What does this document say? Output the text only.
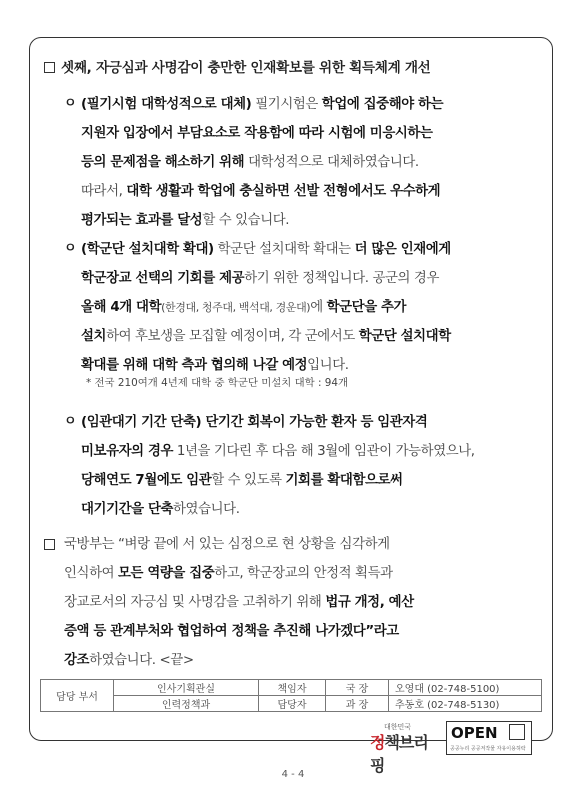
셋째, 자긍심과 사명감이 충만한 인재확보를 위한 획득체계 개선
ㅇ (필기시험 대학성적으로 대체) 필기시험은 학업에 집중해야 하는
지원자 입장에서 부담요소로 작용함에 따라 시험에 미응시하는
등의 문제점을 해소하기 위해 대학성적으로 대체하였습니다.
따라서, 대학 생활과 학업에 충실하면 선발 전형에서도 우수하게
평가되는 효과를 달성할 수 있습니다.
ㅇ (학군단 설치대학 확대) 학군단 설치대학 확대는 더 많은 인재에게
학군장교 선택의 기회를 제공하기 위한 정책입니다. 공군의 경우
올해 4개 대학(한경대, 청주대, 백석대, 경운대)에 학군단을 추가
설치하여 후보생을 모집할 예정이며, 각 군에서도 학군단 설치대학
확대를 위해 대학 측과 협의해 나갈 예정입니다.
* 전국 210여개 4년제 대학 중 학군단 미설치 대학 : 94개
ㅇ (임관대기 기간 단축) 단기간 회복이 가능한 환자 등 임관자격
미보유자의 경우 1년을 기다린 후 다음 해 3월에 임관이 가능하였으나,
당해연도 7월에도 임관할 수 있도록 기회를 확대함으로써
대기기간을 단축하였습니다.
국방부는 “벼랑 끝에 서 있는 심정으로 현 상황을 심각하게
인식하여 모든 역량을 집중하고, 학군장교의 안정적 획득과
장교로서의 자긍심 및 사명감을 고취하기 위해 법규 개정, 예산
증액 등 관계부처와 협업하여 정책을 추진해 나가겠다”라고
강조하였습니다. <끝>
담당 부서	인사기획관실	책임자	국 장	오영대 (02-748-5100)
	인력정책과	담당자	과 장	추동호 (02-748-5130)
대한민국
정책브리핑
OPEN
공공누리 공공저작물 자유이용허락
4 - 4
